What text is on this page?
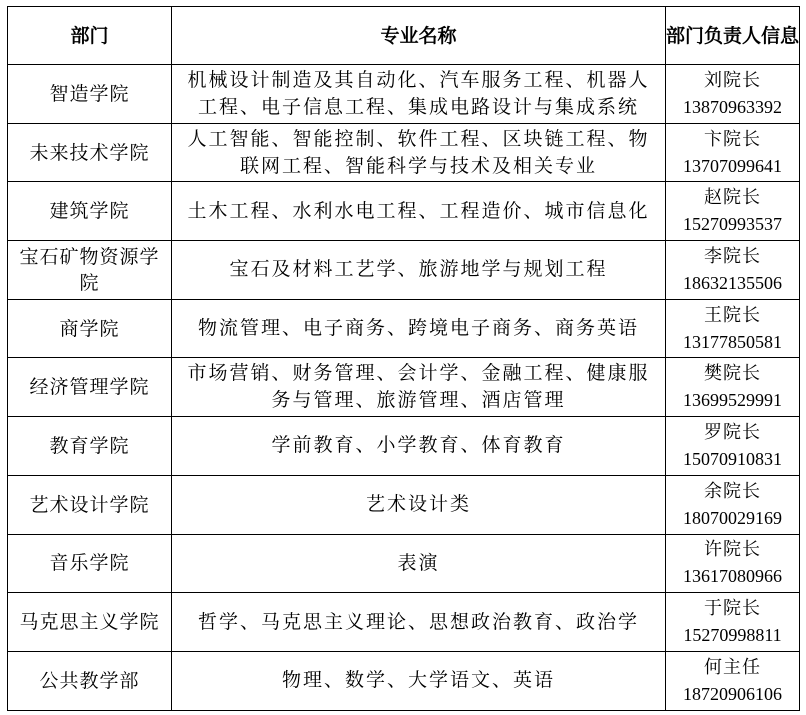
部门	专业名称	部门负责人信息
智造学院	机械设计制造及其自动化、汽车服务工程、机器人工程、电子信息工程、集成电路设计与集成系统	刘院长
13870963392

未来技术学院	人工智能、智能控制、软件工程、区块链工程、物联网工程、智能科学与技术及相关专业	卞院长
13707099641

建筑学院	土木工程、水利水电工程、工程造价、城市信息化	赵院长
15270993537

宝石矿物资源学院	宝石及材料工艺学、旅游地学与规划工程	李院长
18632135506

商学院	物流管理、电子商务、跨境电子商务、商务英语	王院长
13177850581

经济管理学院	市场营销、财务管理、会计学、金融工程、健康服务与管理、旅游管理、酒店管理	樊院长
13699529991

教育学院	学前教育、小学教育、体育教育	罗院长
15070910831

艺术设计学院	艺术设计类	余院长
18070029169

音乐学院	表演	许院长
13617080966

马克思主义学院	哲学、马克思主义理论、思想政治教育、政治学	于院长
15270998811

公共教学部	物理、数学、大学语文、英语	何主任
18720906106
